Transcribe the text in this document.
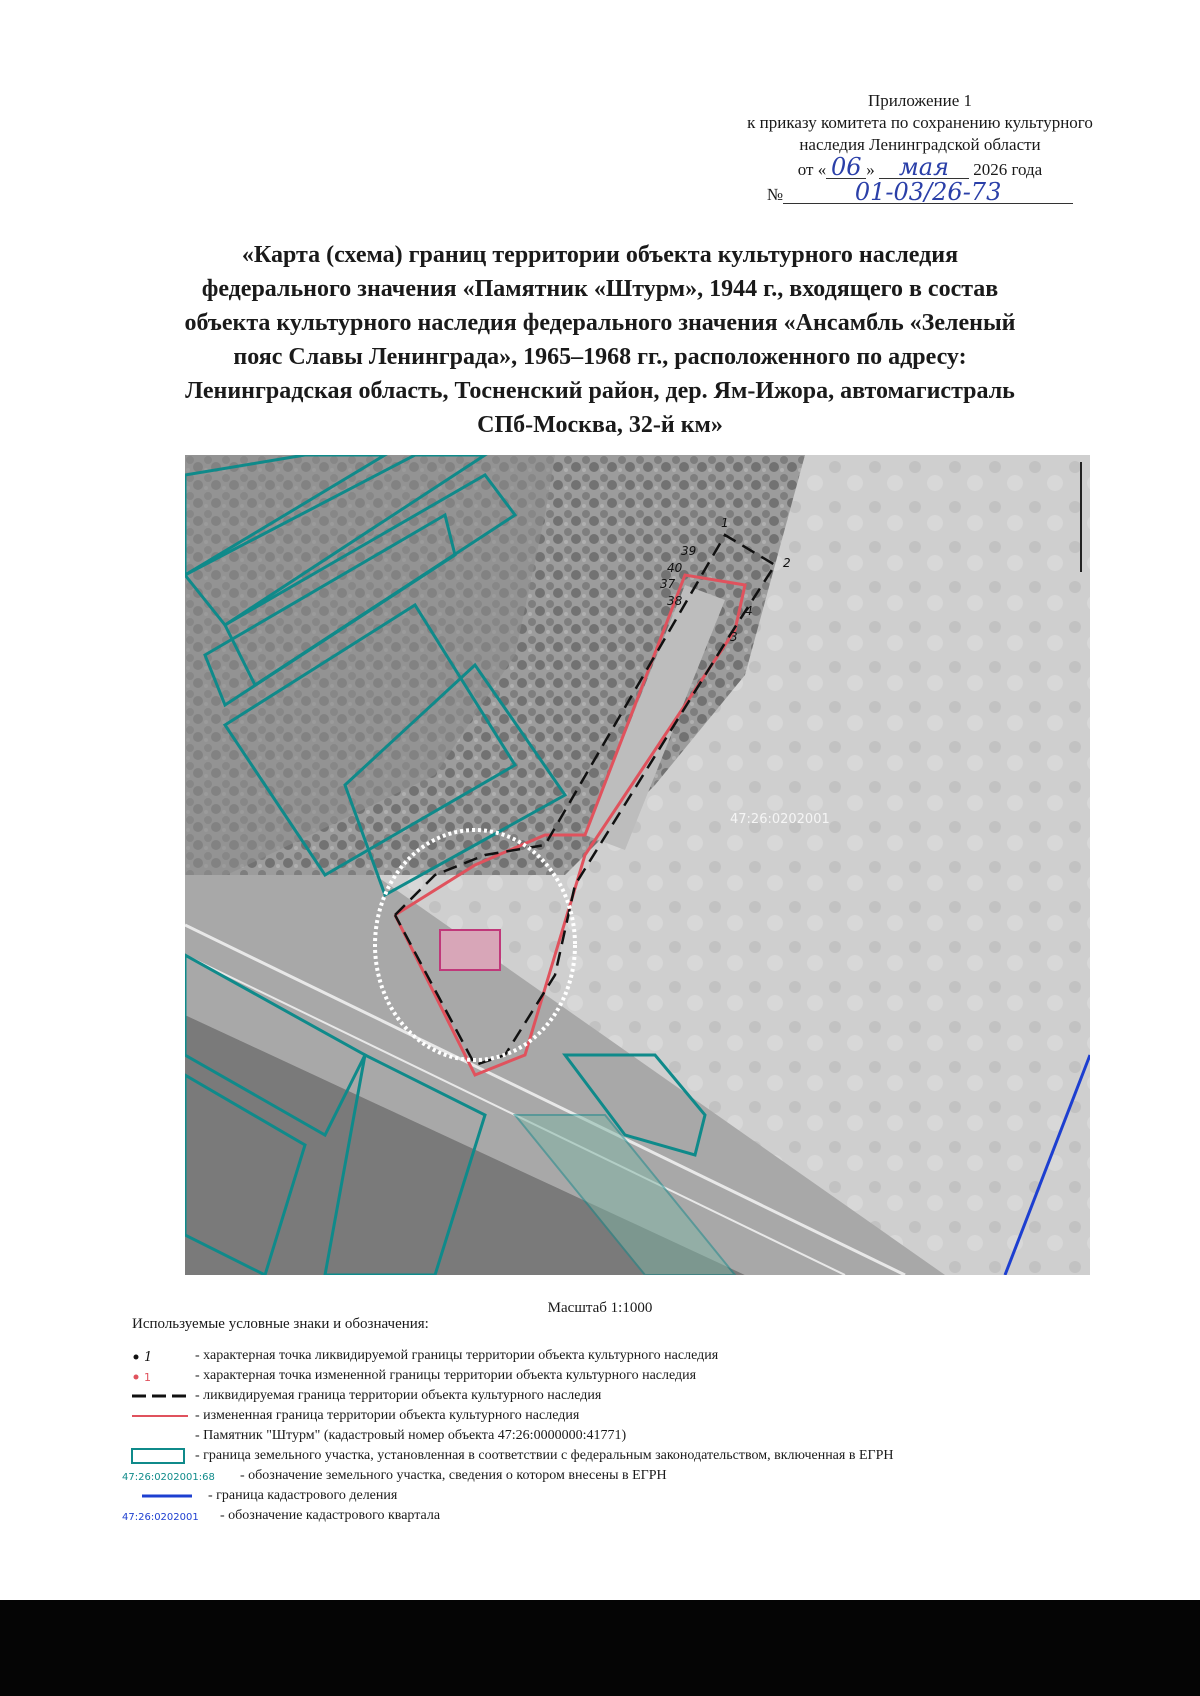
Приложение 1
к приказу комитета по сохранению культурного
наследия Ленинградской области
от « 06 » мая 2026 года
№	01-03/26-73
«Карта (схема) границ территории объекта культурного наследия
федерального значения «Памятник «Штурм», 1944 г., входящего в состав
объекта культурного наследия федерального значения «Ансамбль «Зеленый
пояс Славы Ленинграда», 1965–1968 гг., расположенного по адресу:
Ленинградская область, Тосненский район, дер. Ям-Ижора, автомагистраль
СПб-Москва, 32-й км»
1
2
3
4
39
40
37
38
47:26:0202001
Масштаб 1:1000
Используемые условные знаки и обозначения:
1	- характерная точка ликвидируемой границы территории объекта культурного наследия
1	- характерная точка измененной границы территории объекта культурного наследия
- ликвидируемая граница территории объекта культурного наследия
- измененная граница территории объекта культурного наследия
- Памятник "Штурм" (кадастровый номер объекта 47:26:0000000:41771)
- граница земельного участка, установленная в соответствии с федеральным законодательством, включенная в ЕГРН
47:26:0202001:68 - обозначение земельного участка, сведения о котором внесены в ЕГРН
- граница кадастрового деления
47:26:0202001 - обозначение кадастрового квартала
